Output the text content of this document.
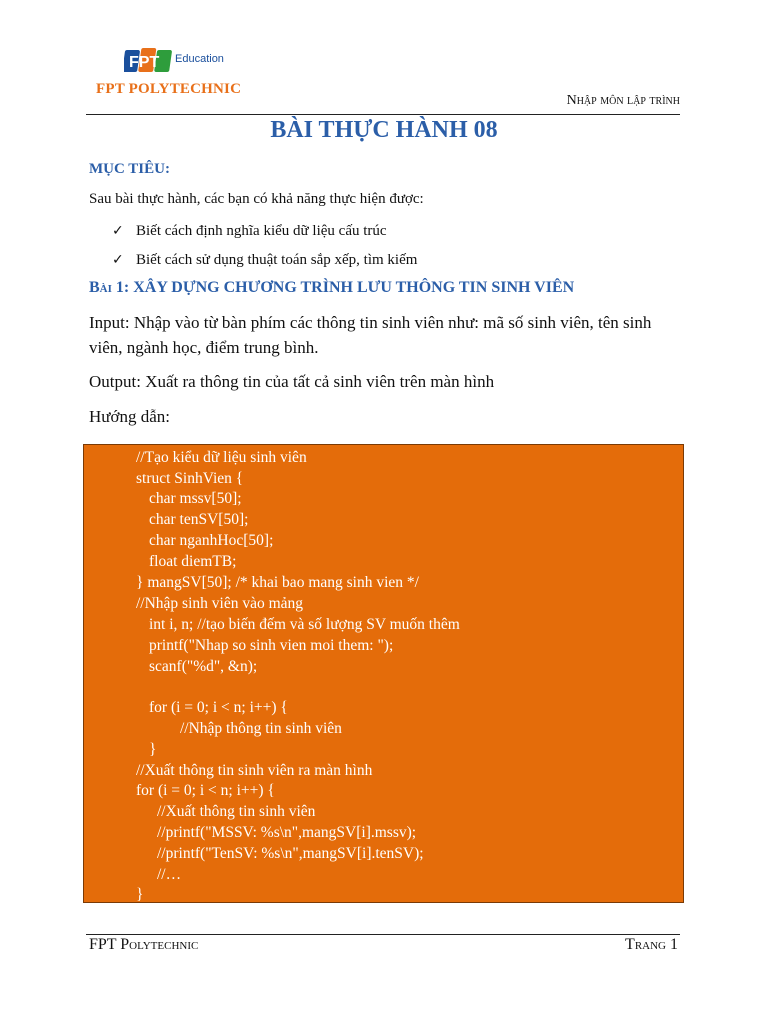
FPT Education
FPT POLYTECHNIC
Nhập môn lập trình
BÀI THỰC HÀNH 08
MỤC TIÊU:
Sau bài thực hành, các bạn có khả năng thực hiện được:
✓ Biết cách định nghĩa kiểu dữ liệu cấu trúc
✓ Biết cách sử dụng thuật toán sắp xếp, tìm kiếm
Bài 1: XÂY DỰNG CHƯƠNG TRÌNH LƯU THÔNG TIN SINH VIÊN
Input: Nhập vào từ bàn phím các thông tin sinh viên như: mã số sinh viên, tên sinh viên, ngành học, điểm trung bình.
Output: Xuất ra thông tin của tất cả sinh viên trên màn hình
Hướng dẫn:
//Tạo kiểu dữ liệu sinh viên
struct SinhVien {
char mssv[50];
char tenSV[50];
char nganhHoc[50];
float diemTB;
} mangSV[50]; /* khai bao mang sinh vien */
//Nhập sinh viên vào mảng
int i, n; //tạo biến đếm và số lượng SV muốn thêm
printf("Nhap so sinh vien moi them: ");
scanf("%d", &n);
for (i = 0; i < n; i++) {
//Nhập thông tin sinh viên
}
//Xuất thông tin sinh viên ra màn hình
for (i = 0; i < n; i++) {
//Xuất thông tin sinh viên
//printf("MSSV: %s\n",mangSV[i].mssv);
//printf("TenSV: %s\n",mangSV[i].tenSV);
//…
}
FPT Polytechnic	Trang 1
